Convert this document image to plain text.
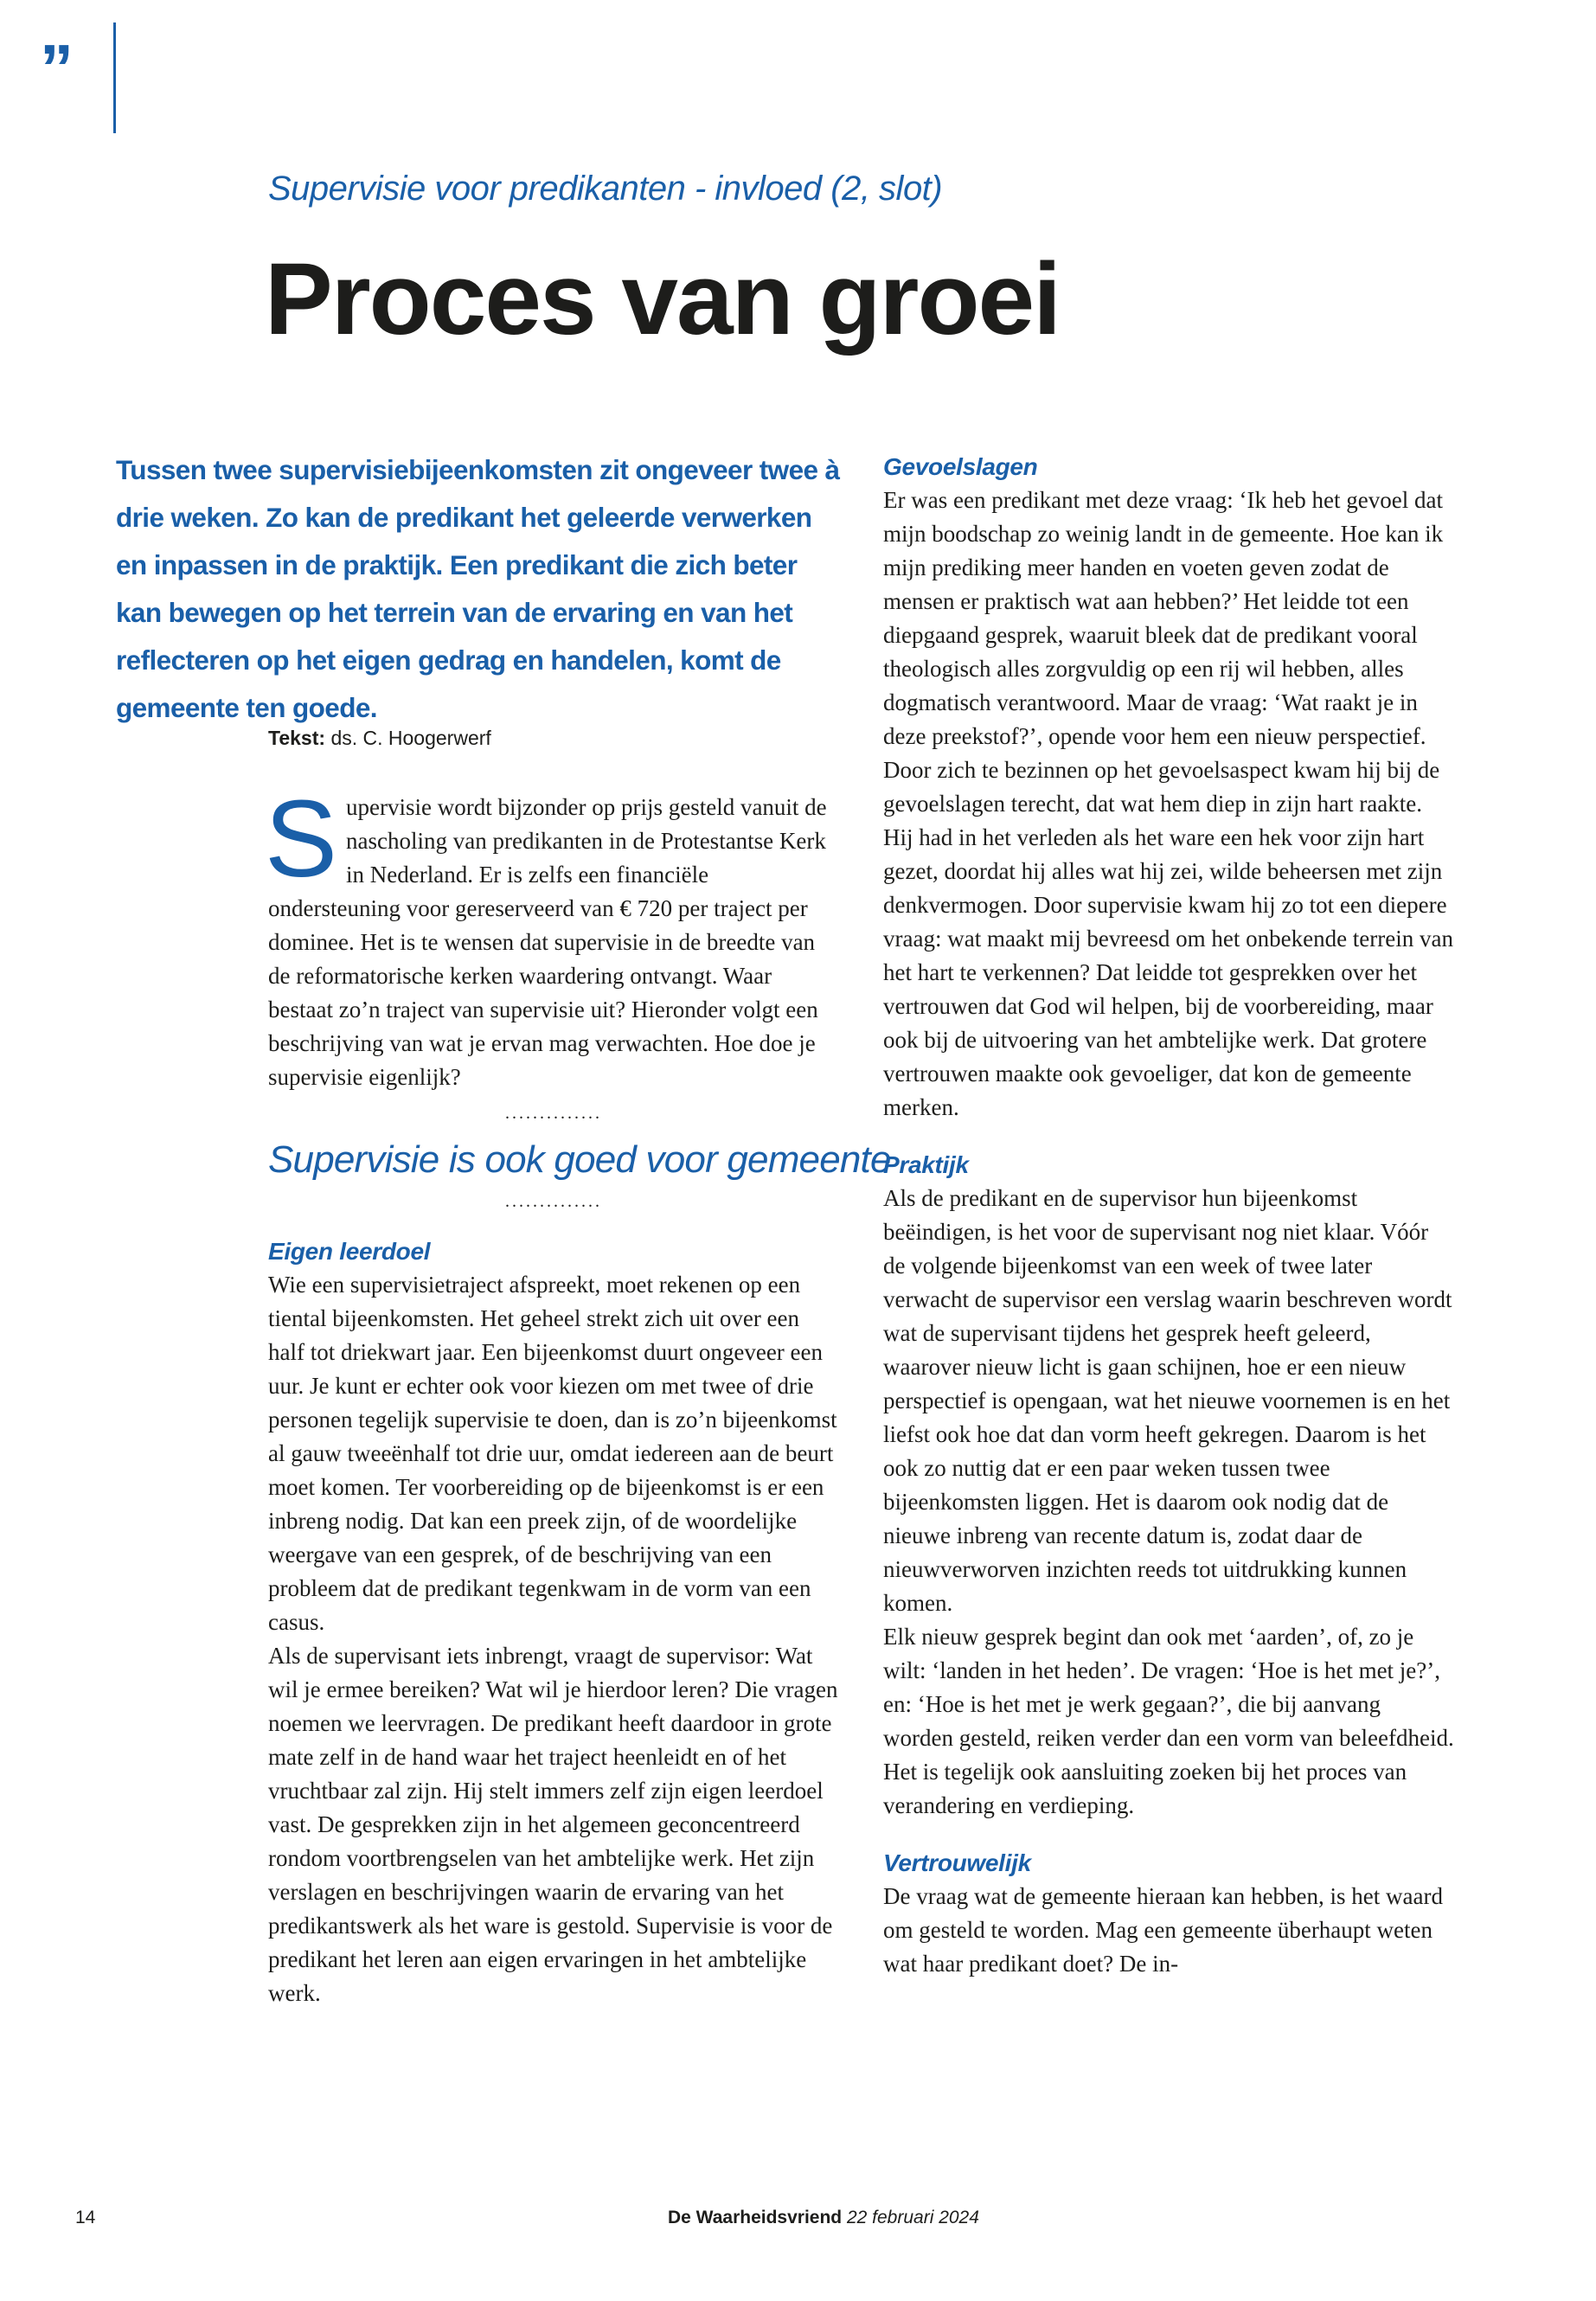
”
Supervisie voor predikanten - invloed (2, slot)
Proces van groei

Tussen twee supervisiebijeenkomsten zit ongeveer twee à drie weken. Zo kan de predikant het geleerde verwerken en inpassen in de praktijk. Een predikant die zich beter kan bewegen op het terrein van de ervaring en van het reflecteren op het eigen gedrag en handelen, komt de gemeente ten goede.

Tekst: ds. C. Hoogerwerf

Supervisie wordt bijzonder op prijs gesteld vanuit de nascholing van predikanten in de Protestantse Kerk in Nederland. Er is zelfs een financiële ondersteuning voor gereserveerd van € 720 per traject per dominee. Het is te wensen dat supervisie in de breedte van de reformatorische kerken waardering ontvangt. Waar bestaat zo’n traject van supervisie uit? Hieronder volgt een beschrijving van wat je ervan mag verwachten. Hoe doe je supervisie eigenlijk?

..............
Supervisie is ook goed voor gemeente
..............
Eigen leerdoel

Wie een supervisietraject afspreekt, moet rekenen op een tiental bijeenkomsten. Het geheel strekt zich uit over een half tot driekwart jaar. Een bijeenkomst duurt ongeveer een uur. Je kunt er echter ook voor kiezen om met twee of drie personen tegelijk supervisie te doen, dan is zo’n bijeenkomst al gauw tweeënhalf tot drie uur, omdat iedereen aan de beurt moet komen. Ter voorbereiding op de bijeenkomst is er een inbreng nodig. Dat kan een preek zijn, of de woordelijke weergave van een gesprek, of de beschrijving van een probleem dat de predikant tegenkwam in de vorm van een casus.

Als de supervisant iets inbrengt, vraagt de supervisor: Wat wil je ermee bereiken? Wat wil je hierdoor leren? Die vragen noemen we leervragen. De predikant heeft daardoor in grote mate zelf in de hand waar het traject heenleidt en of het vruchtbaar zal zijn. Hij stelt immers zelf zijn eigen leerdoel vast. De gesprekken zijn in het algemeen geconcentreerd rondom voortbrengselen van het ambtelijke werk. Het zijn verslagen en beschrijvingen waarin de ervaring van het predikantswerk als het ware is gestold. Supervisie is voor de predikant het leren aan eigen ervaringen in het ambtelijke werk.

Gevoelslagen

Er was een predikant met deze vraag: ‘Ik heb het gevoel dat mijn boodschap zo weinig landt in de gemeente. Hoe kan ik mijn prediking meer handen en voeten geven zodat de mensen er praktisch wat aan hebben?’ Het leidde tot een diepgaand gesprek, waaruit bleek dat de predikant vooral theologisch alles zorgvuldig op een rij wil hebben, alles dogmatisch verantwoord. Maar de vraag: ‘Wat raakt je in deze preekstof?’, opende voor hem een nieuw perspectief. Door zich te bezinnen op het gevoelsaspect kwam hij bij de gevoelslagen terecht, dat wat hem diep in zijn hart raakte.

Hij had in het verleden als het ware een hek voor zijn hart gezet, doordat hij alles wat hij zei, wilde beheersen met zijn denkvermogen. Door supervisie kwam hij zo tot een diepere vraag: wat maakt mij bevreesd om het onbekende terrein van het hart te verkennen? Dat leidde tot gesprekken over het vertrouwen dat God wil helpen, bij de voorbereiding, maar ook bij de uitvoering van het ambtelijke werk. Dat grotere vertrouwen maakte ook gevoeliger, dat kon de gemeente merken.

Praktijk

Als de predikant en de supervisor hun bijeenkomst beëindigen, is het voor de supervisant nog niet klaar. Vóór de volgende bijeenkomst van een week of twee later verwacht de supervisor een verslag waarin beschreven wordt wat de supervisant tijdens het gesprek heeft geleerd, waarover nieuw licht is gaan schijnen, hoe er een nieuw perspectief is opengaan, wat het nieuwe voornemen is en het liefst ook hoe dat dan vorm heeft gekregen. Daarom is het ook zo nuttig dat er een paar weken tussen twee bijeenkomsten liggen. Het is daarom ook nodig dat de nieuwe inbreng van recente datum is, zodat daar de nieuwverworven inzichten reeds tot uitdrukking kunnen komen.

Elk nieuw gesprek begint dan ook met ‘aarden’, of, zo je wilt: ‘landen in het heden’. De vragen: ‘Hoe is het met je?’, en: ‘Hoe is het met je werk gegaan?’, die bij aanvang worden gesteld, reiken verder dan een vorm van beleefdheid. Het is tegelijk ook aansluiting zoeken bij het proces van verandering en verdieping.

Vertrouwelijk

De vraag wat de gemeente hieraan kan hebben, is het waard om gesteld te worden. Mag een gemeente überhaupt weten wat haar predikant doet? De in-

14	De Waarheidsvriend 22 februari 2024
